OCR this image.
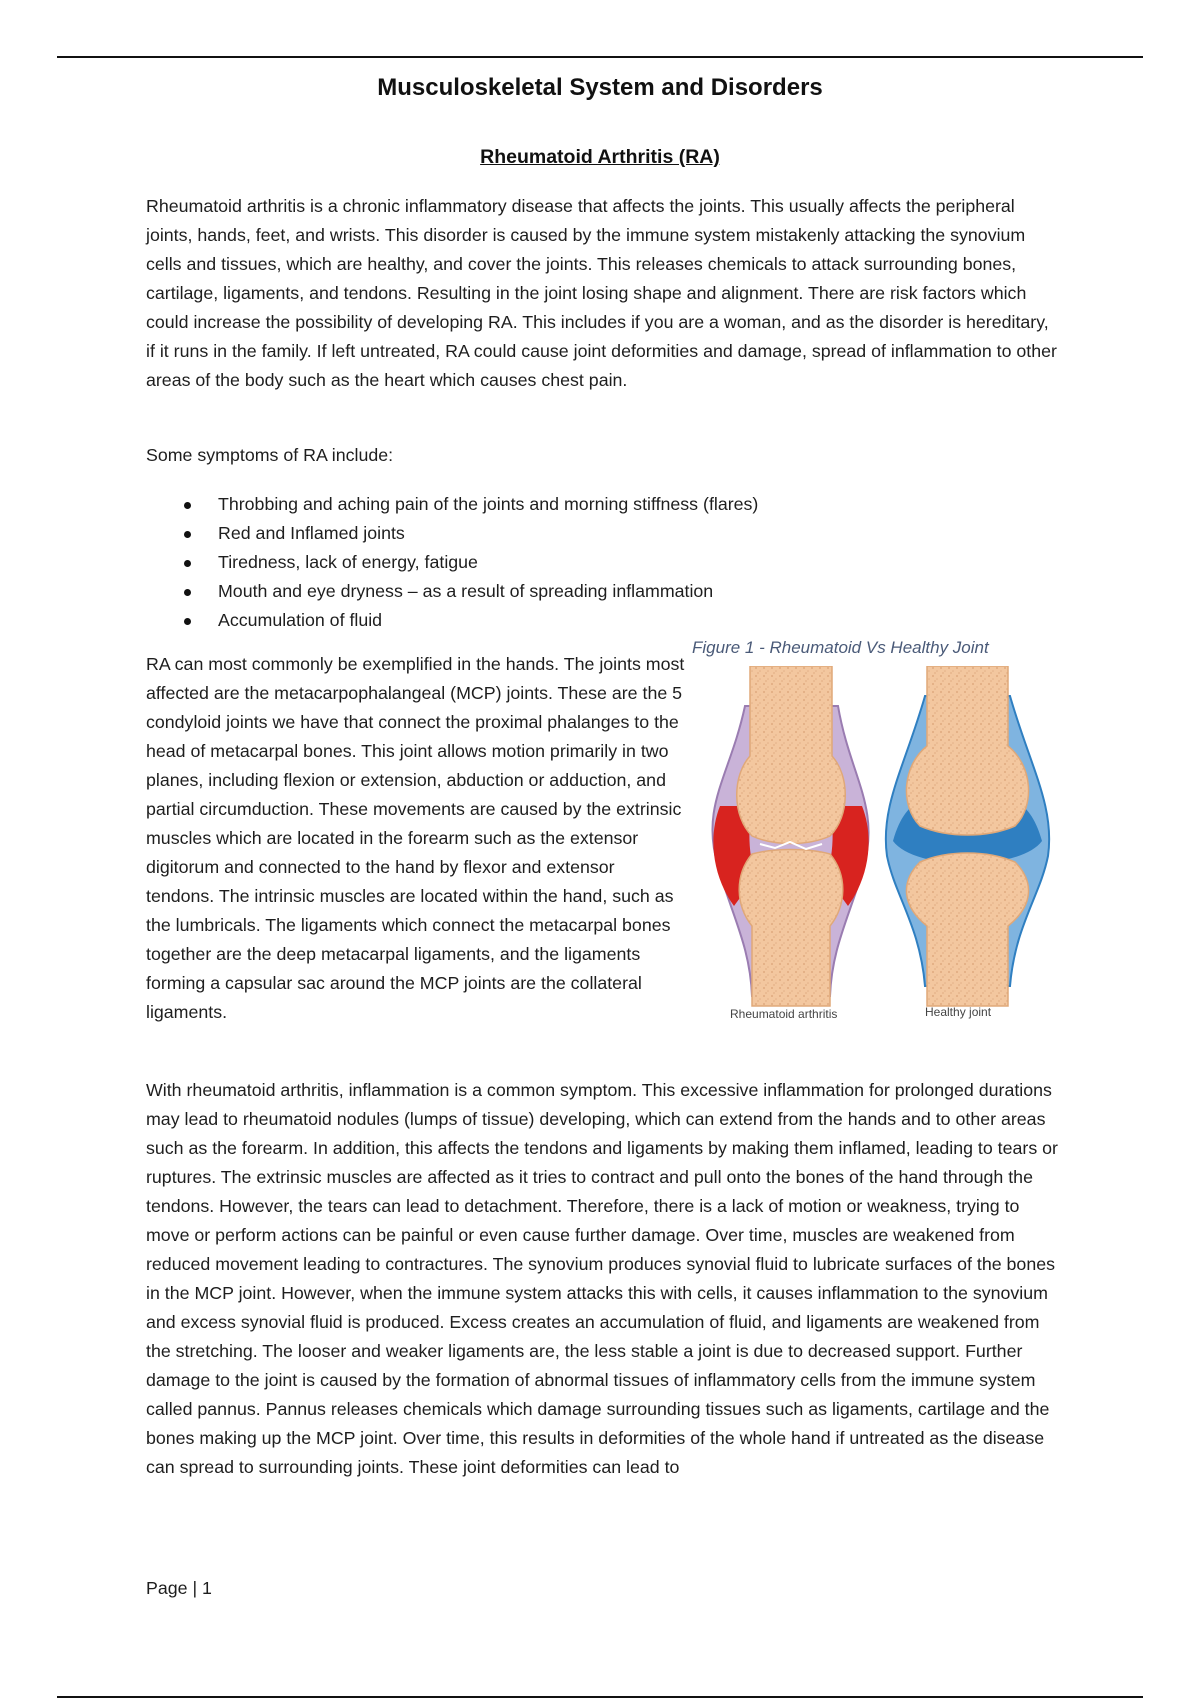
Musculoskeletal System and Disorders
Rheumatoid Arthritis (RA)

Rheumatoid arthritis is a chronic inflammatory disease that affects the joints. This usually affects the peripheral joints, hands, feet, and wrists. This disorder is caused by the immune system mistakenly attacking the synovium cells and tissues, which are healthy, and cover the joints. This releases chemicals to attack surrounding bones, cartilage, ligaments, and tendons. Resulting in the joint losing shape and alignment. There are risk factors which could increase the possibility of developing RA. This includes if you are a woman, and as the disorder is hereditary, if it runs in the family. If left untreated, RA could cause joint deformities and damage, spread of inflammation to other areas of the body such as the heart which causes chest pain.

Some symptoms of RA include:

Throbbing and aching pain of the joints and morning stiffness (flares)
Red and Inflamed joints
Tiredness, lack of energy, fatigue
Mouth and eye dryness – as a result of spreading inflammation
Accumulation of fluid

RA can most commonly be exemplified in the hands. The joints most affected are the metacarpophalangeal (MCP) joints. These are the 5 condyloid joints we have that connect the proximal phalanges to the head of metacarpal bones. This joint allows motion primarily in two planes, including flexion or extension, abduction or adduction, and partial circumduction. These movements are caused by the extrinsic muscles which are located in the forearm such as the extensor digitorum and connected to the hand by flexor and extensor tendons. The intrinsic muscles are located within the hand, such as the lumbricals. The ligaments which connect the metacarpal bones together are the deep metacarpal ligaments, and the ligaments forming a capsular sac around the MCP joints are the collateral ligaments.

Figure 1 - Rheumatoid Vs Healthy Joint

Rheumatoid arthritis	Healthy joint

With rheumatoid arthritis, inflammation is a common symptom. This excessive inflammation for prolonged durations may lead to rheumatoid nodules (lumps of tissue) developing, which can extend from the hands and to other areas such as the forearm. In addition, this affects the tendons and ligaments by making them inflamed, leading to tears or ruptures. The extrinsic muscles are affected as it tries to contract and pull onto the bones of the hand through the tendons. However, the tears can lead to detachment. Therefore, there is a lack of motion or weakness, trying to move or perform actions can be painful or even cause further damage. Over time, muscles are weakened from reduced movement leading to contractures. The synovium produces synovial fluid to lubricate surfaces of the bones in the MCP joint. However, when the immune system attacks this with cells, it causes inflammation to the synovium and excess synovial fluid is produced. Excess creates an accumulation of fluid, and ligaments are weakened from the stretching. The looser and weaker ligaments are, the less stable a joint is due to decreased support. Further damage to the joint is caused by the formation of abnormal tissues of inflammatory cells from the immune system called pannus. Pannus releases chemicals which damage surrounding tissues such as ligaments, cartilage and the bones making up the MCP joint. Over time, this results in deformities of the whole hand if untreated as the disease can spread to surrounding joints. These joint deformities can lead to

Page | 1
